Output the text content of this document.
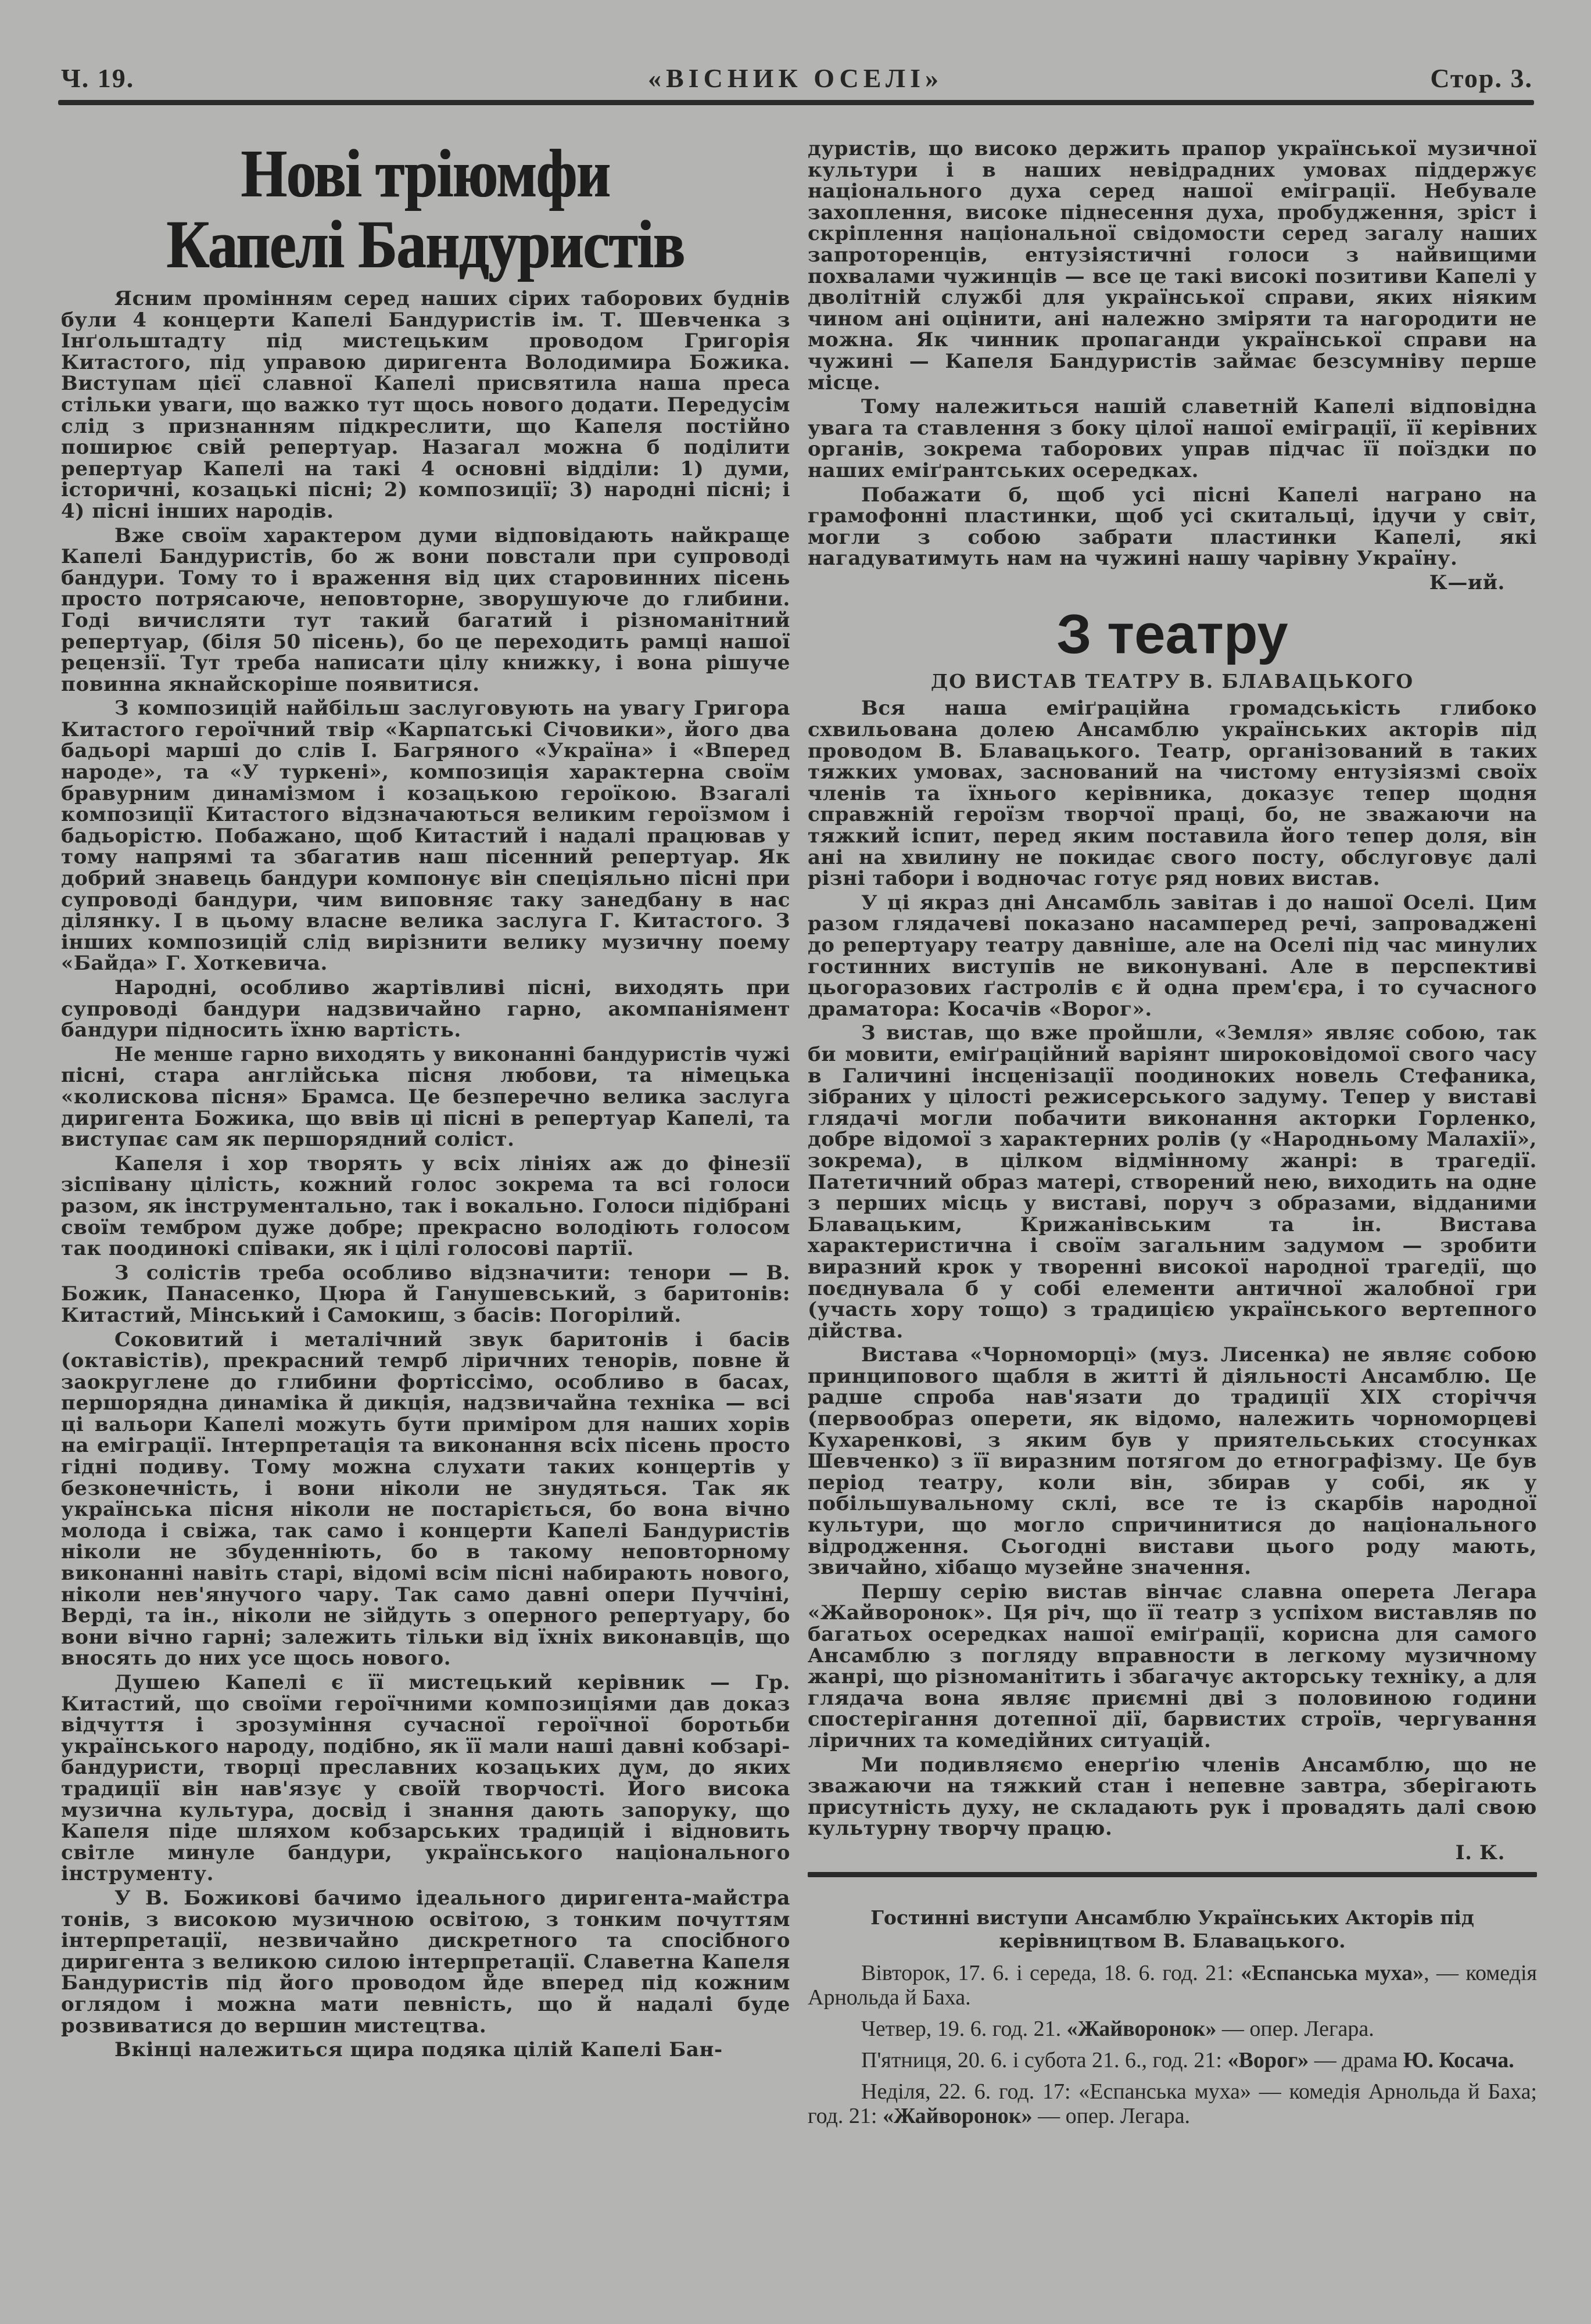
Ч. 19.	«ВІСНИК ОСЕЛІ»	Стор. 3.
Нові тріюмфи
Капелі Бандуристів

Ясним промінням серед наших сірих таборових буднів були 4 концерти Капелі Бандуристів ім. Т. Шевченка з Інґольштадту під мистецьким проводом Григорія Китастого, під управою диригента Володимира Божика. Виступам цієї славної Капелі присвятила наша преса стільки уваги, що важко тут щось нового додати. Передусім слід з признанням підкреслити, що Капеля постійно поширює свій репертуар. Назагал можна б поділити репертуар Капелі на такі 4 основні відділи: 1) думи, історичні, козацькі пісні; 2) композиції; 3) народні пісні; і 4) пісні інших народів.

Вже своїм характером думи відповідають найкраще Капелі Бандуристів, бо ж вони повстали при супроводі бандури. Тому то і враження від цих старовинних пісень просто потрясаюче, неповторне, зворушуюче до глибини. Годі вичисляти тут такий багатий і різноманітний репертуар, (біля 50 пісень), бо це переходить рамці нашої рецензії. Тут треба написати цілу книжку, і вона рішуче повинна якнайскоріше появитися.

З композицій найбільш заслуговують на увагу Григора Китастого героїчний твір «Карпатські Січовики», його два бадьорі марші до слів І. Багряного «Україна» і «Вперед народе», та «У туркені», композиція характерна своїм бравурним динамізмом і козацькою героїкою. Взагалі композиції Китастого відзначаються великим героїзмом і бадьорістю. Побажано, щоб Китастий і надалі працював у тому напрямі та збагатив наш пісенний репертуар. Як добрий знавець бандури компонує він спеціяльно пісні при супроводі бандури, чим виповняє таку занедбану в нас ділянку. І в цьому власне велика заслуга Г. Китастого. З інших композицій слід вирізнити велику музичну поему «Байда» Г. Хоткевича.

Народні, особливо жартівливі пісні, виходять при супроводі бандури надзвичайно гарно, акомпаніямент бандури підносить їхню вартість.

Не менше гарно виходять у виконанні бандуристів чужі пісні, стара англійська пісня любови, та німецька «колискова пісня» Брамса. Це безперечно велика заслуга диригента Божика, що ввів ці пісні в репертуар Капелі, та виступає сам як першорядний соліст.

Капеля і хор творять у всіх лініях аж до фінезії зіспівану цілість, кожний голос зокрема та всі голоси разом, як інструментально, так і вокально. Голоси підібрані своїм тембром дуже добре; прекрасно володіють голосом так поодинокі співаки, як і цілі голосові партії.

З солістів треба особливо відзначити: тенори — В. Божик, Панасенко, Цюра й Ганушевський, з баритонів: Китастий, Мінський і Самокиш, з басів: Погорілий.

Соковитий і металічний звук баритонів і басів (октавістів), прекрасний темрб ліричних тенорів, повне й заокруглене до глибини фортіссімо, особливо в басах, першорядна динаміка й дикція, надзвичайна техніка — всі ці вальори Капелі можуть бути приміром для наших хорів на еміграції. Інтерпретація та виконання всіх пісень просто гідні подиву. Тому можна слухати таких концертів у безконечність, і вони ніколи не знудяться. Так як українська пісня ніколи не постаріється, бо вона вічно молода і свіжа, так само і концерти Капелі Бандуристів ніколи не збуденніють, бо в такому неповторному виконанні навіть старі, відомі всім пісні набирають нового, ніколи нев'янучого чару. Так само давні опери Пуччіні, Верді, та ін., ніколи не зійдуть з оперного репертуару, бо вони вічно гарні; залежить тільки від їхніх виконавців, що вносять до них усе щось нового.

Душею Капелі є її мистецький керівник — Гр. Китастий, що своїми героїчними композиціями дав доказ відчуття і зрозуміння сучасної героїчної боротьби українського народу, подібно, як її мали наші давні кобзарі-бандуристи, творці преславних козацьких дум, до яких традиції він нав'язує у своїй творчості. Його висока музична культура, досвід і знання дають запоруку, що Капеля піде шляхом кобзарських традицій і відновить світле минуле бандури, українського національного інструменту.

У В. Божикові бачимо ідеального диригента-майстра тонів, з високою музичною освітою, з тонким почуттям інтерпретації, незвичайно дискретного та спосібного диригента з великою силою інтерпретації. Славетна Капеля Бандуристів під його проводом йде вперед під кожним оглядом і можна мати певність, що й надалі буде розвиватися до вершин мистецтва.

Вкінці належиться щира подяка цілій Капелі Бан-

дуристів, що високо держить прапор української музичної культури і в наших невідрадних умовах піддержує національного духа серед нашої еміграції. Небувале захоплення, високе піднесення духа, пробудження, зріст і скріплення національної свідомости серед загалу наших запроторенців, ентузіястичні голоси з найвищими похвалами чужинців — все це такі високі позитиви Капелі у дволітній службі для української справи, яких ніяким чином ані оцінити, ані належно зміряти та нагородити не можна. Як чинник пропаганди української справи на чужині — Капеля Бандуристів займає безсумніву перше місце.

Тому належиться нашій славетній Капелі відповідна увага та ставлення з боку цілої нашої еміграції, її керівних органів, зокрема таборових управ підчас її поїздки по наших еміґрантських осередках.

Побажати б, щоб усі пісні Капелі награно на грамофонні пластинки, щоб усі скитальці, ідучи у світ, могли з собою забрати пластинки Капелі, які нагадуватимуть нам на чужині нашу чарівну Україну.

К—ий.
З театру
ДО ВИСТАВ ТЕАТРУ В. БЛАВАЦЬКОГО

Вся наша еміґраційна громадськість глибоко схвильована долею Ансамблю українських акторів під проводом В. Блавацького. Театр, організований в таких тяжких умовах, заснований на чистому ентузіязмі своїх членів та їхнього керівника, доказує тепер щодня справжній героїзм творчої праці, бо, не зважаючи на тяжкий іспит, перед яким поставила його тепер доля, він ані на хвилину не покидає свого посту, обслуговує далі різні табори і водночас готує ряд нових вистав.

У ці якраз дні Ансамбль завітав і до нашої Оселі. Цим разом глядачеві показано насамперед речі, запроваджені до репертуару театру давніше, але на Оселі під час минулих гостинних виступів не виконувані. Але в перспективі цьогоразових ґастролів є й одна прем'єра, і то сучасного драматора: Косачів «Ворог».

З вистав, що вже пройшли, «Земля» являє собою, так би мовити, еміґраційний варіянт широковідомої свого часу в Галичині інсценізації поодиноких новель Стефаника, зібраних у цілості режисерського задуму. Тепер у виставі глядачі могли побачити виконання акторки Горленко, добре відомої з характерних ролів (у «Народньому Малахії», зокрема), в цілком відмінному жанрі: в трагедії. Патетичний образ матері, створений нею, виходить на одне з перших місць у виставі, поруч з образами, відданими Блавацьким, Крижанівським та ін. Вистава характеристична і своїм загальним задумом — зробити виразний крок у творенні високої народної трагедії, що поєднувала б у собі елементи античної жалобної гри (участь хору тощо) з традицією українського вертепного дійства.

Вистава «Чорноморці» (муз. Лисенка) не являє собою принципового щабля в житті й діяльності Ансамблю. Це радше спроба нав'язати до традиції XIX сторіччя (первообраз оперети, як відомо, належить чорноморцеві Кухаренкові, з яким був у приятельських стосунках Шевченко) з її виразним потягом до етнографізму. Це був період театру, коли він, збирав у собі, як у побільшувальному склі, все те із скарбів народної культури, що могло спричинитися до національного відродження. Сьогодні вистави цього роду мають, звичайно, хібащо музейне значення.

Першу серію вистав вінчає славна оперета Легара «Жайворонок». Ця річ, що її театр з успіхом виставляв по багатьох осередках нашої еміґрації, корисна для самого Ансамблю з погляду вправности в легкому музичному жанрі, що різноманітить і збагачує акторську техніку, а для глядача вона являє приємні дві з половиною години спостерігання дотепної дії, барвистих строїв, чергування ліричних та комедійних ситуацій.

Ми подивляємо енерґію членів Ансамблю, що не зважаючи на тяжкий стан і непевне завтра, зберігають присутність духу, не складають рук і провадять далі свою культурну творчу працю.

І. К.
Гостинні виступи Ансамблю Українських Акторів під керівництвом В. Блавацького.

Вівторок, 17. 6. і середа, 18. 6. год. 21: «Еспанська муха», — комедія Арнольда й Баха.

Четвер, 19. 6. год. 21. «Жайворонок» — опер. Легара.

П'ятниця, 20. 6. і субота 21. 6., год. 21: «Ворог» — драма Ю. Косача.

Неділя, 22. 6. год. 17: «Еспанська муха» — комедія Арнольда й Баха; год. 21: «Жайворонок» — опер. Легара.
